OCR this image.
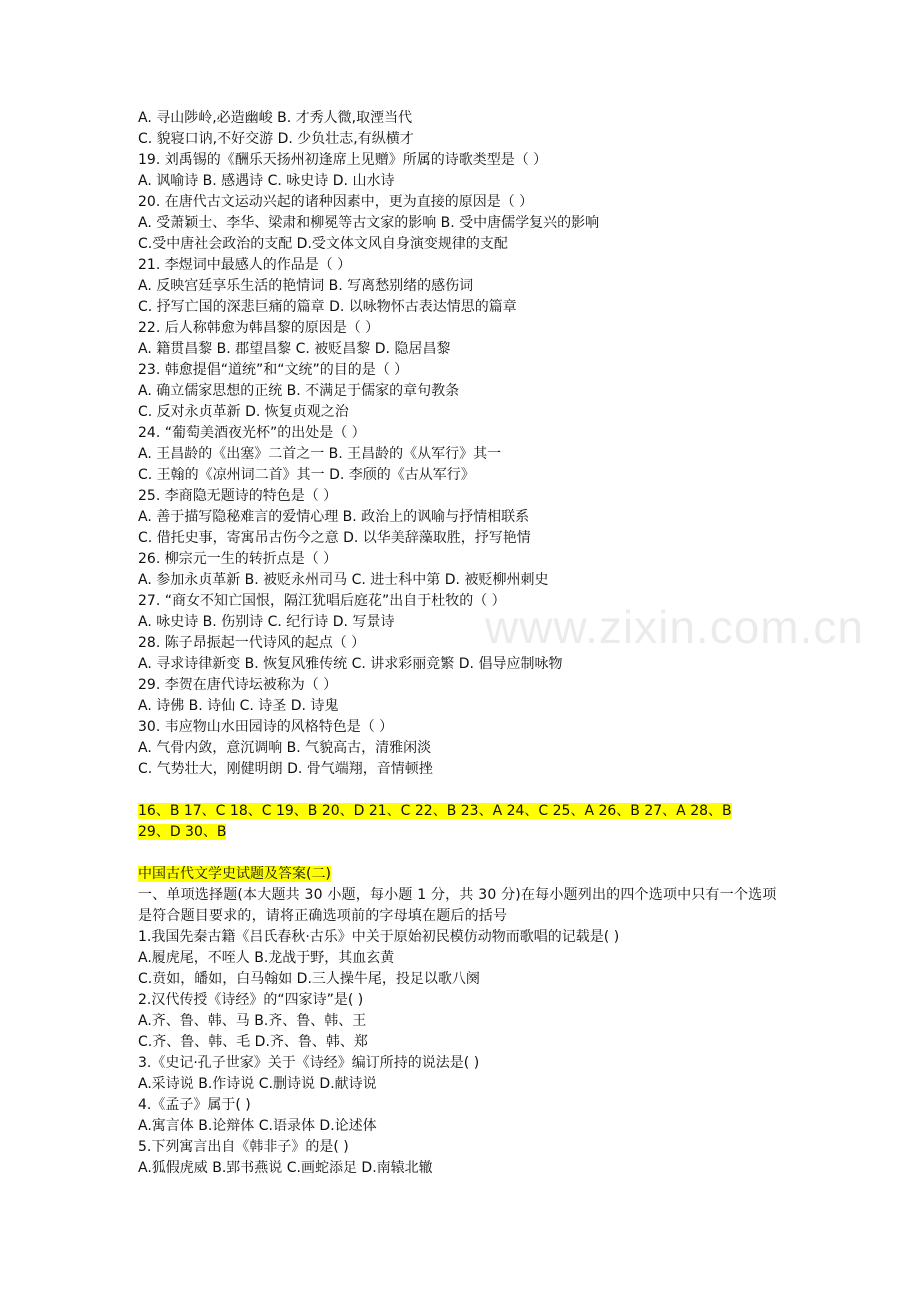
A. 寻山陟岭,必造幽峻 B. 才秀人微,取湮当代
C. 貌寝口讷,不好交游 D. 少负壮志,有纵横才
19. 刘禹锡的《酬乐天扬州初逢席上见赠》所属的诗歌类型是（ ）
A. 讽喻诗 B. 感遇诗 C. 咏史诗 D. 山水诗
20. 在唐代古文运动兴起的诸种因素中，更为直接的原因是（ ）
A. 受萧颖士、李华、梁肃和柳冕等古文家的影响 B. 受中唐儒学复兴的影响
C.受中唐社会政治的支配 D.受文体文风自身演变规律的支配
21. 李煜词中最感人的作品是（ ）
A. 反映宫廷享乐生活的艳情词 B. 写离愁别绪的感伤词
C. 抒写亡国的深悲巨痛的篇章 D. 以咏物怀古表达情思的篇章
22. 后人称韩愈为韩昌黎的原因是（ ）
A. 籍贯昌黎 B. 郡望昌黎 C. 被贬昌黎 D. 隐居昌黎
23. 韩愈提倡“道统”和“文统”的目的是（ ）
A. 确立儒家思想的正统 B. 不满足于儒家的章句教条
C. 反对永贞革新 D. 恢复贞观之治
24. “葡萄美酒夜光杯”的出处是（ ）
A. 王昌龄的《出塞》二首之一 B. 王昌龄的《从军行》其一
C. 王翰的《凉州词二首》其一 D. 李颀的《古从军行》
25. 李商隐无题诗的特色是（ ）
A. 善于描写隐秘难言的爱情心理 B. 政治上的讽喻与抒情相联系
C. 借托史事，寄寓吊古伤今之意 D. 以华美辞藻取胜，抒写艳情
26. 柳宗元一生的转折点是（ ）
A. 参加永贞革新 B. 被贬永州司马 C. 进士科中第 D. 被贬柳州刺史
27. “商女不知亡国恨，隔江犹唱后庭花”出自于杜牧的（ ）
A. 咏史诗 B. 伤别诗 C. 纪行诗 D. 写景诗
28. 陈子昂振起一代诗风的起点（ ）
A. 寻求诗律新变 B. 恢复风雅传统 C. 讲求彩丽竞繁 D. 倡导应制咏物
29. 李贺在唐代诗坛被称为（ ）
A. 诗佛 B. 诗仙 C. 诗圣 D. 诗鬼
30. 韦应物山水田园诗的风格特色是（ ）
A. 气骨内敛，意沉调响 B. 气貌高古，清雅闲淡
C. 气势壮大，刚健明朗 D. 骨气端翔，音情顿挫
16、B 17、C 18、C 19、B 20、D 21、C 22、B 23、A 24、C 25、A 26、B 27、A 28、B
29、D 30、B
中国古代文学史试题及答案(二)
一、单项选择题(本大题共 30 小题，每小题 1 分，共 30 分)在每小题列出的四个选项中只有一个选项是符合题目要求的，请将正确选项前的字母填在题后的括号
1.我国先秦古籍《吕氏春秋·古乐》中关于原始初民模仿动物而歌唱的记载是( )
A.履虎尾，不咥人 B.龙战于野，其血玄黄
C.贲如，皤如，白马翰如 D.三人操牛尾，投足以歌八阕
2.汉代传授《诗经》的“四家诗”是( )
A.齐、鲁、韩、马 B.齐、鲁、韩、王
C.齐、鲁、韩、毛 D.齐、鲁、韩、郑
3.《史记·孔子世家》关于《诗经》编订所持的说法是( )
A.采诗说 B.作诗说 C.删诗说 D.献诗说
4.《孟子》属于( )
A.寓言体 B.论辩体 C.语录体 D.论述体
5.下列寓言出自《韩非子》的是( )
A.狐假虎威 B.郢书燕说 C.画蛇添足 D.南辕北辙
www.zixin.com.cn
